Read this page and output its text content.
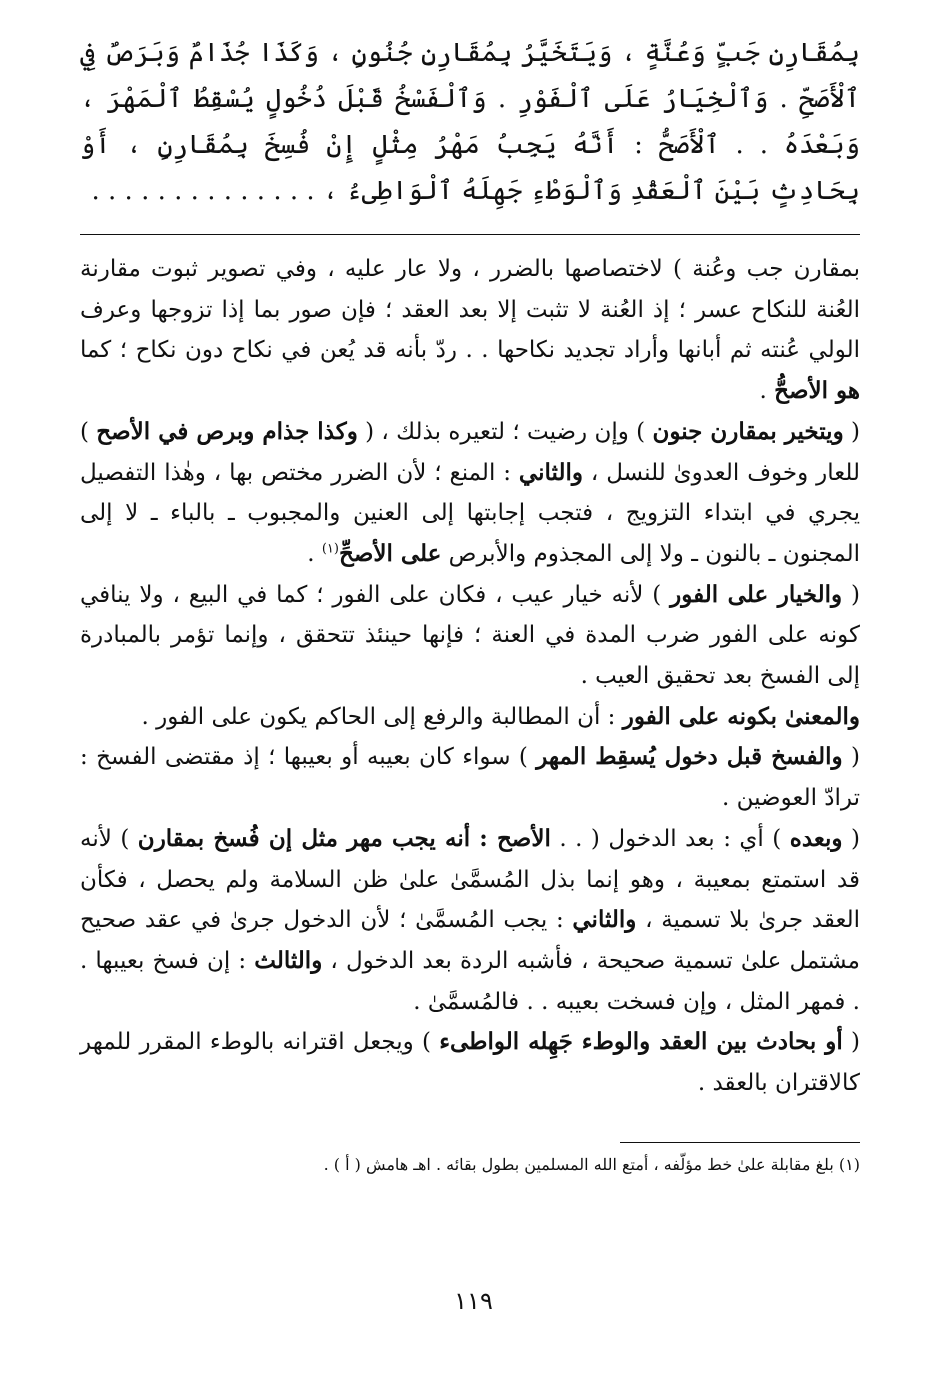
بِمُقَارِنِ جَبٍّ وَعُنَّةٍ ، وَيَتَخَيَّرُ بِمُقَارِنِ جُنُونٍ ، وَكَذَا جُذَامٌ وَبَرَصٌ فِي ٱلْأَصَحِّ . وَٱلْخِيَارُ عَلَى ٱلْفَوْرِ . وَٱلْفَسْخُ قَبْلَ دُخُولٍ يُسْقِطُ ٱلْمَهْرَ ، وَبَعْدَهُ . . ٱلْأَصَحُّ : أَنَّهُ يَجِبُ مَهْرُ مِثْلٍ إِنْ فُسِخَ بِمُقَارِنٍ ، أَوْ بِحَادِثٍ بَيْنَ ٱلْعَقْدِ وَٱلْوَطْءِ جَهِلَهُ ٱلْوَاطِىءُ ، . . . . . . . . . . . . . .

بمقارن جب وعُنة ) لاختصاصها بالضرر ، ولا عار عليه ، وفي تصوير ثبوت مقارنة العُنة للنكاح عسر ؛ إذ العُنة لا تثبت إلا بعد العقد ؛ فإن صور بما إذا تزوجها وعرف الولي عُنته ثم أبانها وأراد تجديد نكاحها . . ردّ بأنه قد يُعن في نكاح دون نكاح ؛ كما هو الأصحُّ .

( ويتخير بمقارن جنون ) وإن رضيت ؛ لتعيره بذلك ، ( وكذا جذام وبرص في الأصح ) للعار وخوف العدوىٰ للنسل ، والثاني : المنع ؛ لأن الضرر مختص بها ، وهٰذا التفصيل يجري في ابتداء التزويج ، فتجب إجابتها إلى العنين والمجبوب ـ بالباء ـ لا إلى المجنون ـ بالنون ـ ولا إلى المجذوم والأبرص على الأصحِّ$^{(١)}$ .

( والخيار على الفور ) لأنه خيار عيب ، فكان على الفور ؛ كما في البيع ، ولا ينافي كونه على الفور ضرب المدة في العنة ؛ فإنها حينئذ تتحقق ، وإنما تؤمر بالمبادرة إلى الفسخ بعد تحقيق العيب .

والمعنىٰ بكونه على الفور : أن المطالبة والرفع إلى الحاكم يكون على الفور .

( والفسخ قبل دخول يُسقِط المهر ) سواء كان بعيبه أو بعيبها ؛ إذ مقتضى الفسخ : ترادّ العوضين .

( وبعده ) أي : بعد الدخول ( . . الأصح : أنه يجب مهر مثل إن فُسخ بمقارن ) لأنه قد استمتع بمعيبة ، وهو إنما بذل المُسمَّىٰ علىٰ ظن السلامة ولم يحصل ، فكأن العقد جرىٰ بلا تسمية ، والثاني : يجب المُسمَّىٰ ؛ لأن الدخول جرىٰ في عقد صحيح مشتمل علىٰ تسمية صحيحة ، فأشبه الردة بعد الدخول ، والثالث : إن فسخ بعيبها . . فمهر المثل ، وإن فسخت بعيبه . . فالمُسمَّىٰ .

( أو بحادث بين العقد والوطء جَهِله الواطىء ) ويجعل اقترانه بالوطء المقرر للمهر كالاقتران بالعقد .

(١) بلغ مقابلة علىٰ خط مؤلّفه ، أمتع الله المسلمين بطول بقائه . اهـ هامش ( أ ) .
١١٩
